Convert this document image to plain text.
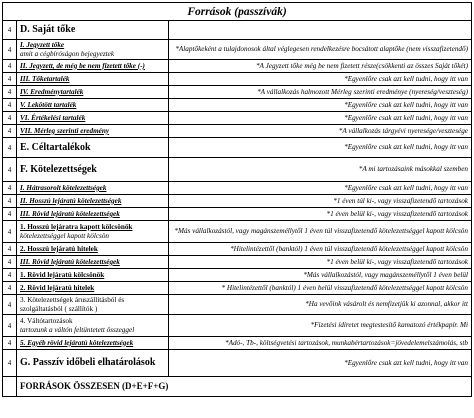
Források (passzívák)		
4	D. Saját tőke	
4	I. Jegyzett tőke
amit a cégbíróságon bejegyeztek	*Alaptőkeként a tulajdonosok által véglegesen rendelkezésre bocsátott alaptőke (nem visszafizetendő)
4	II. Jegyzett, de még be nem fizetett tőke (-)	*A Jegyzett tőke még be nem fizetett része(csökkenti az összes Saját tőkét)
4	III. Tőketartalék	*Egyenlőre csak azt kell tudni, hogy itt van
4	IV. Eredménytartalék	*A vállalkozás halmozott Mérleg szerinti eredménye (nyereség/veszteség)
4	V. Lekötött tartalék	*Egyenlőre csak azt kell tudni, hogy itt van
4	VI. Értékelési tartalék	*Egyenlőre csak azt kell tudni, hogy itt van
4	VII. Mérleg szerinti eredmény	*A vállalkozás tárgyévi nyeresége/vesztesége
4	E. Céltartalékok	*Egyenlőre csak azt kell tudni, hogy itt van
4	F. Kötelezettségek	*A mi tartozásaink másokkal szemben
4	I. Hátrasorolt kötelezettségek	*Egyenlőre csak azt kell tudni, hogy itt van
4	II. Hosszú lejáratú kötelezettségek	*1 éven túl ki-, vagy visszafizetendő tartozások
4	III. Rövid lejáratú kötelezettségek	*1 éven belül ki-, vagy visszafizetendő tartozások
4	1. Hosszú lejáratra kapott kölcsönök
kötelezettséggel kapott kölcsön	*Más vállalkozástól, vagy magánszeméllytől 1 éven túl visszafizetendő kötelezettséggel kapott kölcsön
4	2. Hosszú lejáratú hitelek	*Hitelintézettől (banktól) 1 éven túl visszafizetendő kötelezettséggel kapott kölcsön
4	III. Rövid lejáratú kötelezettségek	*1 éven belül ki-, vagy visszafizetendő tartozások
4	1. Rövid lejáratú kölcsönök	*Más vállalkozástól, vagy magánszeméllytől 1 éven belül
4	2. Rövid lejáratú hitelek	* Hitelintézettől (banktól) 1 éven belül visszafizetendő kötelezettséggel kapott kölcsön
4	3. Kötelezettségek áruszállításból és szolgáltatásból ( szállítók )	*Ha vevőink vásárolt és nemfizetjük ki azonnal, akkor itt
4	4. Váltótartozások
tartozunk a váltón feltüntetett összeggel	*Fizetési ídíretet megtestesítő kamatozó értékpapír. Mi
4	5. Egyéb rövid lejáratú kötelezettségek	*Adó-, Tb-, költségvetési tartozások, munkabértartozások=jövedelemelszámolás, stb
4	G. Passzív időbeli elhatárolások	*Egyenlőre csak azt kell tudni, hogy itt van
	FORRÁSOK ÖSSZESEN (D+E+F+G)	
